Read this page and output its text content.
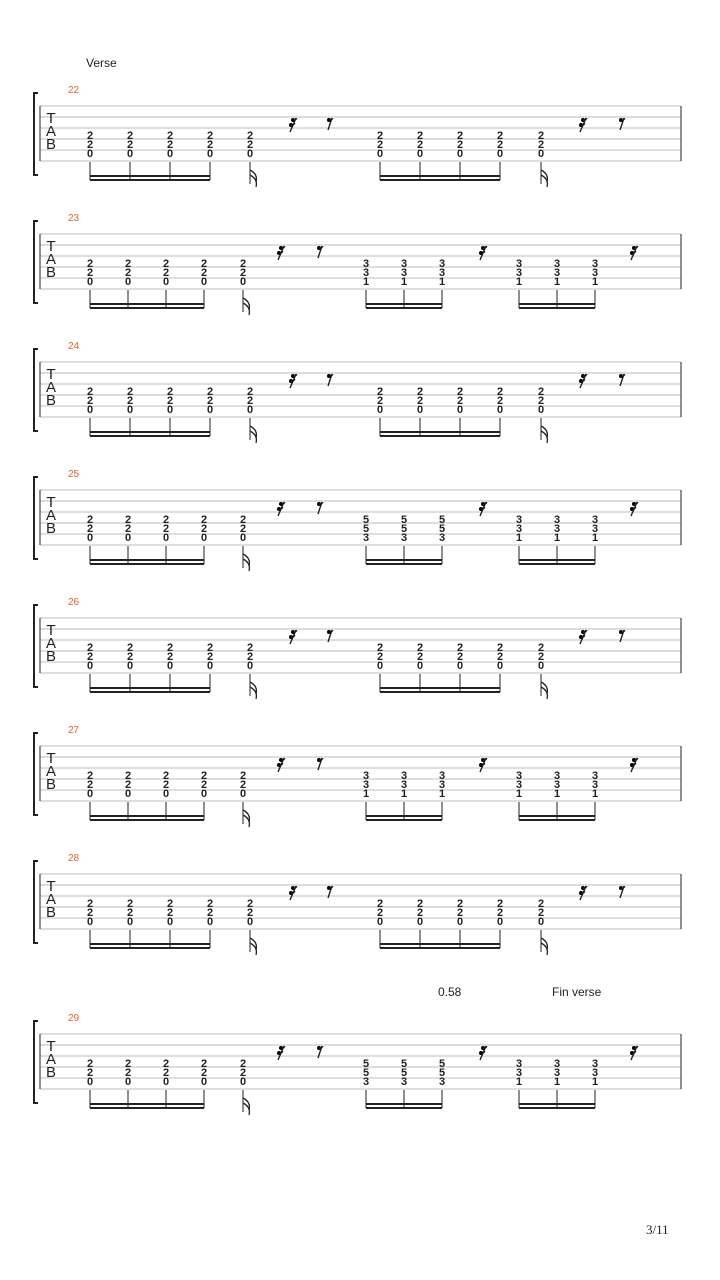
Verse
0.58	Fin verse
T
A
B
22
2
2
0
2
2
0
2
2
0
2
2
0
2
2
0
2
2
0
2
2
0
2
2
0
2
2
0
2
2
0
T
A
B
23
2
2
0
2
2
0
2
2
0
2
2
0
2
2
0
3
3
1
3
3
1
3
3
1
3
3
1
3
3
1
3
3
1
T
A
B
24
2
2
0
2
2
0
2
2
0
2
2
0
2
2
0
2
2
0
2
2
0
2
2
0
2
2
0
2
2
0
T
A
B
25
2
2
0
2
2
0
2
2
0
2
2
0
2
2
0
5
5
3
5
5
3
5
5
3
3
3
1
3
3
1
3
3
1
T
A
B
26
2
2
0
2
2
0
2
2
0
2
2
0
2
2
0
2
2
0
2
2
0
2
2
0
2
2
0
2
2
0
T
A
B
27
2
2
0
2
2
0
2
2
0
2
2
0
2
2
0
3
3
1
3
3
1
3
3
1
3
3
1
3
3
1
3
3
1
T
A
B
28
2
2
0
2
2
0
2
2
0
2
2
0
2
2
0
2
2
0
2
2
0
2
2
0
2
2
0
2
2
0
T
A
B
29
2
2
0
2
2
0
2
2
0
2
2
0
2
2
0
5
5
3
5
5
3
5
5
3
3
3
1
3
3
1
3
3
1
3/11
